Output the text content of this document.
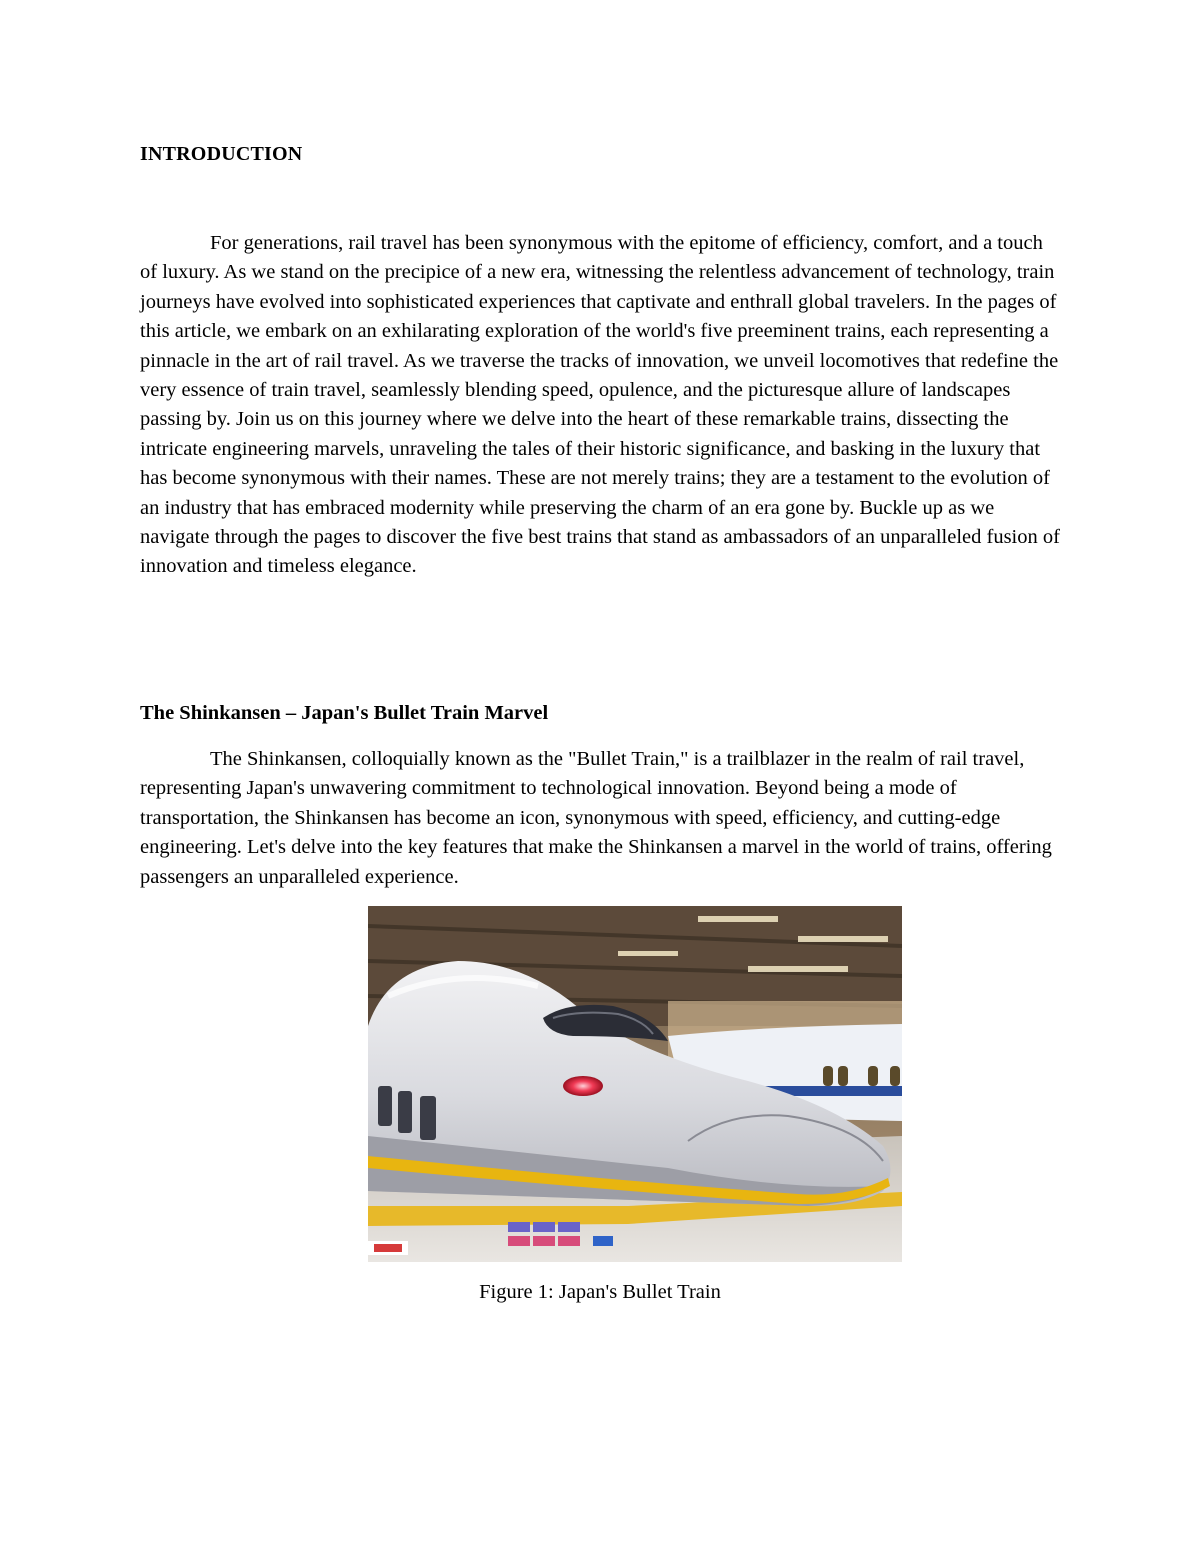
INTRODUCTION

For generations, rail travel has been synonymous with the epitome of efficiency, comfort, and a touch of luxury. As we stand on the precipice of a new era, witnessing the relentless advancement of technology, train journeys have evolved into sophisticated experiences that captivate and enthrall global travelers. In the pages of this article, we embark on an exhilarating exploration of the world's five preeminent trains, each representing a pinnacle in the art of rail travel. As we traverse the tracks of innovation, we unveil locomotives that redefine the very essence of train travel, seamlessly blending speed, opulence, and the picturesque allure of landscapes passing by. Join us on this journey where we delve into the heart of these remarkable trains, dissecting the intricate engineering marvels, unraveling the tales of their historic significance, and basking in the luxury that has become synonymous with their names. These are not merely trains; they are a testament to the evolution of an industry that has embraced modernity while preserving the charm of an era gone by. Buckle up as we navigate through the pages to discover the five best trains that stand as ambassadors of an unparalleled fusion of innovation and timeless elegance.

The Shinkansen – Japan's Bullet Train Marvel

The Shinkansen, colloquially known as the "Bullet Train," is a trailblazer in the realm of rail travel, representing Japan's unwavering commitment to technological innovation. Beyond being a mode of transportation, the Shinkansen has become an icon, synonymous with speed, efficiency, and cutting-edge engineering. Let's delve into the key features that make the Shinkansen a marvel in the world of trains, offering passengers an unparalleled experience.

Figure 1: Japan's Bullet Train
